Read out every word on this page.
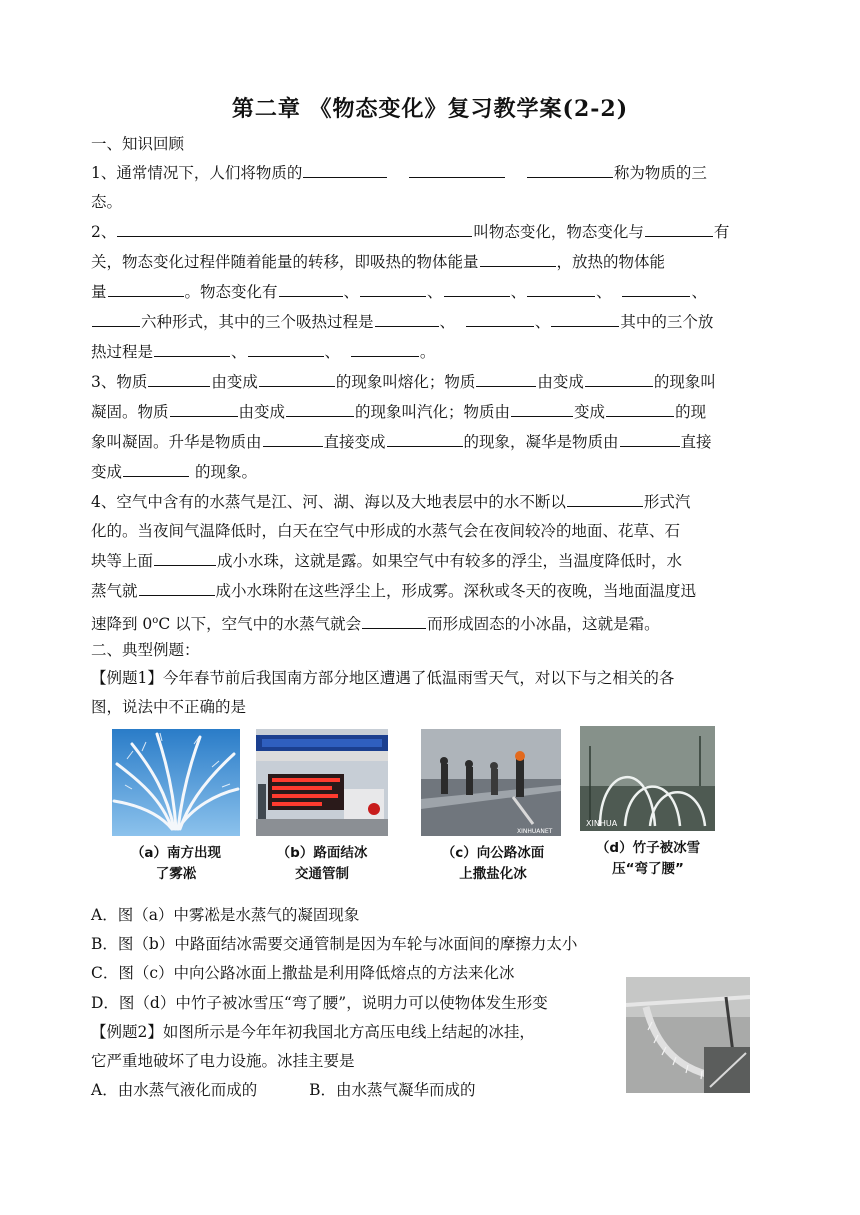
第二章 《物态变化》复习教学案(2-2)
一、知识回顾
1、通常情况下，人们将物质的	称为物质的三
态。
2、	叫物态变化，物态变化与	有
关，物态变化过程伴随着能量的转移，即吸热的物体能量	，放热的物体能
量	。物态变化有	、	、	、	、	、
六种形式，其中的三个吸热过程是	、	、	其中的三个放
热过程是	、	、	。
3、物质	由变成	的现象叫熔化；物质	由变成	的现象叫
凝固。物质	由变成	的现象叫汽化；物质由	变成	的现
象叫凝固。升华是物质由	直接变成	的现象，凝华是物质由	直接
变成	的现象。
4、空气中含有的水蒸气是江、河、湖、海以及大地表层中的水不断以	形式汽
化的。当夜间气温降低时，白天在空气中形成的水蒸气会在夜间较冷的地面、花草、石
块等上面	成小水珠，这就是露。如果空气中有较多的浮尘，当温度降低时，水
蒸气就	成小水珠附在这些浮尘上，形成雾。深秋或冬天的夜晚，当地面温度迅
速降到 0$^o$C 以下，空气中的水蒸气就会	而形成固态的小冰晶，这就是霜。
二、典型例题：
【例题1】今年春节前后我国南方部分地区遭遇了低温雨雪天气，对以下与之相关的各
图，说法中不正确的是
（a）南方出现
了雾凇
（b）路面结冰
交通管制
XINHUANET
（c）向公路冰面
上撒盐化冰
XINHUA
（d）竹子被冰雪
压“弯了腰”
A．图（a）中雾凇是水蒸气的凝固现象
B．图（b）中路面结冰需要交通管制是因为车轮与冰面间的摩擦力太小
C．图（c）中向公路冰面上撒盐是利用降低熔点的方法来化冰
D．图（d）中竹子被冰雪压“弯了腰”，说明力可以使物体发生形变
【例题2】如图所示是今年年初我国北方高压电线上结起的冰挂，
它严重地破坏了电力设施。冰挂主要是
A．由水蒸气液化而成的	B．由水蒸气凝华而成的
